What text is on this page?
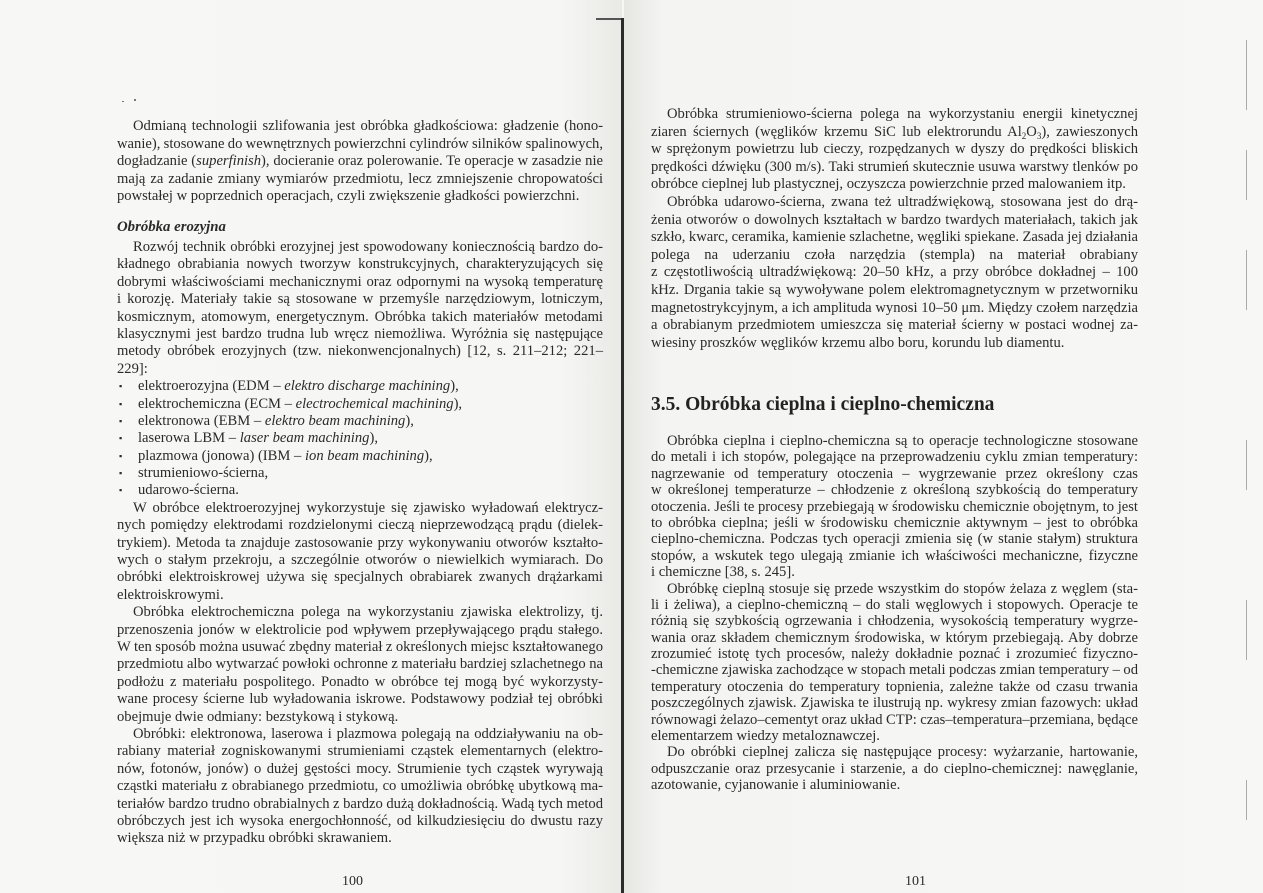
Odmianą technologii szlifowania jest obróbka gładkościowa: gładzenie (hono-
wanie), stosowane do wewnętrznych powierzchni cylindrów silników spalinowych,
dogładzanie (superfinish), docieranie oraz polerowanie. Te operacje w zasadzie nie
mają za zadanie zmiany wymiarów przedmiotu, lecz zmniejszenie chropowatości
powstałej w poprzednich operacjach, czyli zwiększenie gładkości powierzchni.
Obróbka erozyjna
Rozwój technik obróbki erozyjnej jest spowodowany koniecznością bardzo do-
kładnego obrabiania nowych tworzyw konstrukcyjnych, charakteryzujących się
dobrymi właściwościami mechanicznymi oraz odpornymi na wysoką temperaturę
i korozję. Materiały takie są stosowane w przemyśle narzędziowym, lotniczym,
kosmicznym, atomowym, energetycznym. Obróbka takich materiałów metodami
klasycznymi jest bardzo trudna lub wręcz niemożliwa. Wyróżnia się następujące
metody obróbek erozyjnych (tzw. niekonwencjonalnych) [12, s. 211–212; 221–
229]:
▪ elektroerozyjna (EDM – elektro discharge machining),
▪ elektrochemiczna (ECM – electrochemical machining),
▪ elektronowa (EBM – elektro beam machining),
▪ laserowa LBM – laser beam machining),
▪ plazmowa (jonowa) (IBM – ion beam machining),
▪ strumieniowo-ścierna,
▪ udarowo-ścierna.
W obróbce elektroerozyjnej wykorzystuje się zjawisko wyładowań elektrycz-
nych pomiędzy elektrodami rozdzielonymi cieczą nieprzewodzącą prądu (dielek-
trykiem). Metoda ta znajduje zastosowanie przy wykonywaniu otworów kształto-
wych o stałym przekroju, a szczególnie otworów o niewielkich wymiarach. Do
obróbki elektroiskrowej używa się specjalnych obrabiarek zwanych drążarkami
elektroiskrowymi.
Obróbka elektrochemiczna polega na wykorzystaniu zjawiska elektrolizy, tj.
przenoszenia jonów w elektrolicie pod wpływem przepływającego prądu stałego.
W ten sposób można usuwać zbędny materiał z określonych miejsc kształtowanego
przedmiotu albo wytwarzać powłoki ochronne z materiału bardziej szlachetnego na
podłożu z materiału pospolitego. Ponadto w obróbce tej mogą być wykorzysty-
wane procesy ścierne lub wyładowania iskrowe. Podstawowy podział tej obróbki
obejmuje dwie odmiany: bezstykową i stykową.
Obróbki: elektronowa, laserowa i plazmowa polegają na oddziaływaniu na ob-
rabiany materiał zogniskowanymi strumieniami cząstek elementarnych (elektro-
nów, fotonów, jonów) o dużej gęstości mocy. Strumienie tych cząstek wyrywają
cząstki materiału z obrabianego przedmiotu, co umożliwia obróbkę ubytkową ma-
teriałów bardzo trudno obrabialnych z bardzo dużą dokładnością. Wadą tych metod
obróbczych jest ich wysoka energochłonność, od kilkudziesięciu do dwustu razy
większa niż w przypadku obróbki skrawaniem.
100
Obróbka strumieniowo-ścierna polega na wykorzystaniu energii kinetycznej
ziaren ściernych (węglików krzemu SiC lub elektrorundu $Al_2O_3$), zawieszonych
w sprężonym powietrzu lub cieczy, rozpędzanych w dyszy do prędkości bliskich
prędkości dźwięku (300 m/s). Taki strumień skutecznie usuwa warstwy tlenków po
obróbce cieplnej lub plastycznej, oczyszcza powierzchnie przed malowaniem itp.
Obróbka udarowo-ścierna, zwana też ultradźwiękową, stosowana jest do drą-
żenia otworów o dowolnych kształtach w bardzo twardych materiałach, takich jak
szkło, kwarc, ceramika, kamienie szlachetne, węgliki spiekane. Zasada jej działania
polega na uderzaniu czoła narzędzia (stempla) na materiał obrabiany
z częstotliwością ultradźwiękową: 20–50 kHz, a przy obróbce dokładnej – 100
kHz. Drgania takie są wywoływane polem elektromagnetycznym w przetworniku
magnetostrykcyjnym, a ich amplituda wynosi 10–50 μm. Między czołem narzędzia
a obrabianym przedmiotem umieszcza się materiał ścierny w postaci wodnej za-
wiesiny proszków węglików krzemu albo boru, korundu lub diamentu.
3.5. Obróbka cieplna i cieplno-chemiczna
Obróbka cieplna i cieplno-chemiczna są to operacje technologiczne stosowane
do metali i ich stopów, polegające na przeprowadzeniu cyklu zmian temperatury:
nagrzewanie od temperatury otoczenia – wygrzewanie przez określony czas
w określonej temperaturze – chłodzenie z określoną szybkością do temperatury
otoczenia. Jeśli te procesy przebiegają w środowisku chemicznie obojętnym, to jest
to obróbka cieplna; jeśli w środowisku chemicznie aktywnym – jest to obróbka
cieplno-chemiczna. Podczas tych operacji zmienia się (w stanie stałym) struktura
stopów, a wskutek tego ulegają zmianie ich właściwości mechaniczne, fizyczne
i chemiczne [38, s. 245].
Obróbkę cieplną stosuje się przede wszystkim do stopów żelaza z węglem (sta-
li i żeliwa), a cieplno-chemiczną – do stali węglowych i stopowych. Operacje te
różnią się szybkością ogrzewania i chłodzenia, wysokością temperatury wygrze-
wania oraz składem chemicznym środowiska, w którym przebiegają. Aby dobrze
zrozumieć istotę tych procesów, należy dokładnie poznać i zrozumieć fizyczno-
-chemiczne zjawiska zachodzące w stopach metali podczas zmian temperatury – od
temperatury otoczenia do temperatury topnienia, zależne także od czasu trwania
poszczególnych zjawisk. Zjawiska te ilustrują np. wykresy zmian fazowych: układ
równowagi żelazo–cementyt oraz układ CTP: czas–temperatura–przemiana, będące
elementarzem wiedzy metaloznawczej.
Do obróbki cieplnej zalicza się następujące procesy: wyżarzanie, hartowanie,
odpuszczanie oraz przesycanie i starzenie, a do cieplno-chemicznej: nawęglanie,
azotowanie, cyjanowanie i aluminiowanie.
101
